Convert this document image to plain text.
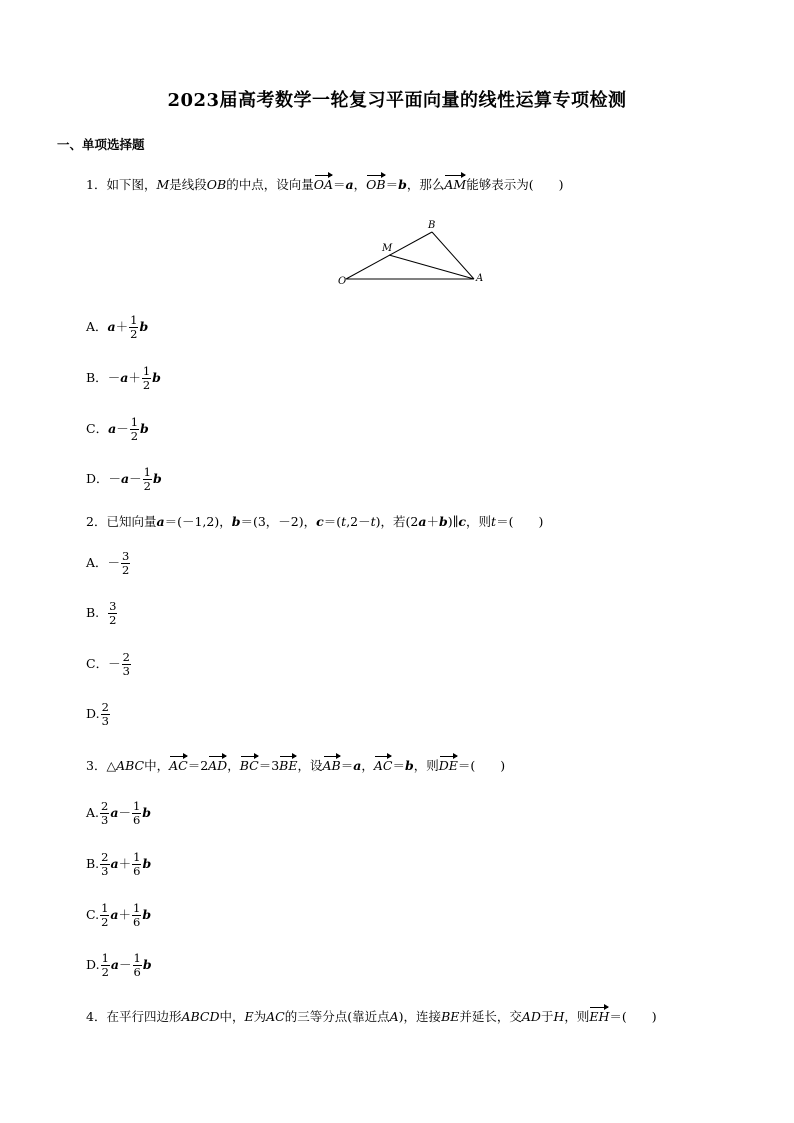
2023届高考数学一轮复习平面向量的线性运算专项检测
一、单项选择题
1．如下图，M是线段OB的中点，设向量OA＝a，OB＝b，那么AM能够表示为(　　)
O	A
B
M
A．$a+ \frac{1}{2}$ b
B．$-a+ \frac{1}{2}$ b
C．$a- \frac{1}{2}$ b
D．$-a- \frac{1}{2}$ b
2．已知向量a＝(－1,2)，b＝(3，－2)，c＝(t,2－t)，若(2a＋b)∥c，则t＝(　　)
A．－ $\frac{3}{2}$
B. $\frac{3}{2}$
C．－ $\frac{2}{3}$
D. $\frac{2}{3}$
3．△ABC中，AC＝2AD，BC＝3BE，设AB＝a，AC＝b，则DE＝(　　)
A. $\frac{2}{3} a- \frac{1}{6}$ b
B. $\frac{2}{3} a+ \frac{1}{6}$ b
C. $\frac{1}{2} a+ \frac{1}{6}$ b
D. $\frac{1}{2} a- \frac{1}{6}$ b
4．在平行四边形ABCD中，E为AC的三等分点(靠近点A)，连接BE并延长，交AD于H，则EH＝(　　)
